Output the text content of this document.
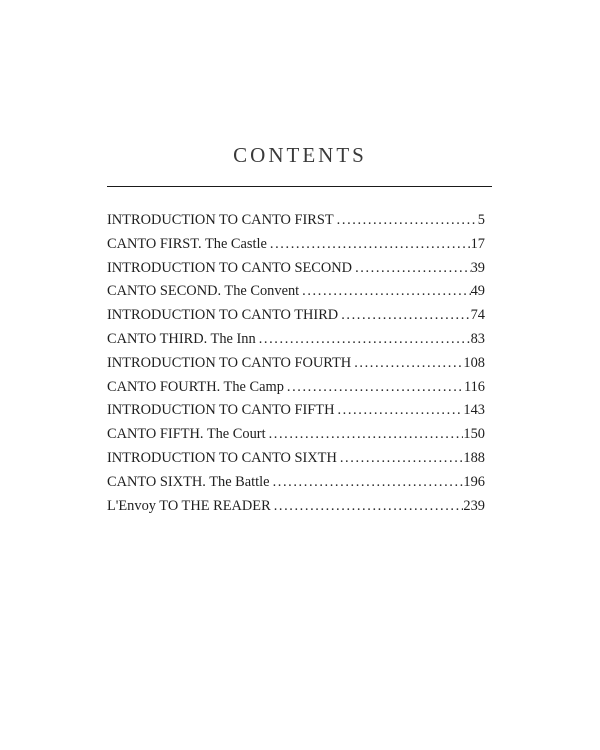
CONTENTS
INTRODUCTION TO CANTO FIRST .....	5
CANTO FIRST. The Castle .....	17
INTRODUCTION TO CANTO SECOND .....	39
CANTO SECOND. The Convent .....	49
INTRODUCTION TO CANTO THIRD .....	74
CANTO THIRD. The Inn .....	83
INTRODUCTION TO CANTO FOURTH .....	108
CANTO FOURTH. The Camp .....	116
INTRODUCTION TO CANTO FIFTH .....	143
CANTO FIFTH. The Court .....	150
INTRODUCTION TO CANTO SIXTH .....	188
CANTO SIXTH. The Battle .....	196
L'Envoy TO THE READER .....	239
